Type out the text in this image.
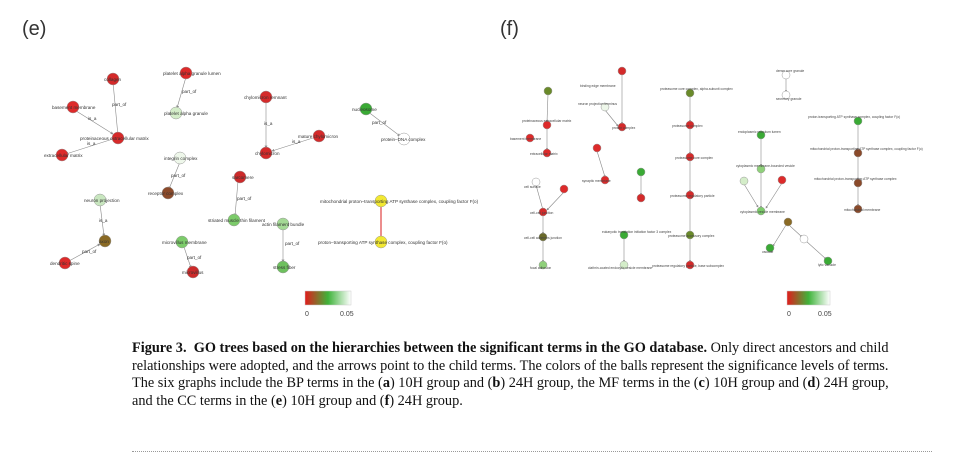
(e)	(f)
part_of
is_a
is_a
part_of
is_a
is_a
part_of
part_of
part_of
is_a
part_of
part_of
part_of
collagen
basement membrane
proteinaceous extracellular matrix
extracellular matrix
platelet alpha granule lumen
platelet alpha granule
chylomicron remnant
mature chylomicron
chylomicron
nucleosome
protein–DNA complex
integrin complex
receptor complex
sarcomere
striated muscle thin filament
mitochondrial proton–transporting ATP synthase complex, coupling factor F(o)
proton–transporting ATP synthase complex, coupling factor F(o)
neuron projection
axon
dendritic spine
microvillus membrane
microvillus
actin filament bundle
stress fiber
0	0.05
binding edge membrane
neuron projection terminus
proteinaceous extracellular matrix
basement membrane
extracellular matrix
protein complex
synaptic membrane
proteasome core complex, alpha-subunit complex
proteasome complex
proteasome core complex
proteasome regulatory particle
proteasome accessory complex
proteasome regulatory particle, base subcomplex
eukaryotic translation initiation factor 3 complex
clathrin-coated endocytic vesicle membrane
cell surface
cell-cell junction
cell-cell adherens junction
focal adhesion
dense core granule
secretory granule
endoplasmic reticulum lumen
cytoplasmic membrane-bounded vesicle
cytoplasmic vesicle membrane
proton-transporting ATP synthase complex, coupling factor F(o)
mitochondrial proton-transporting ATP synthase complex, coupling factor F(o)
mitochondrial proton-transporting ATP synthase complex
mitochondrial membrane
vacuole
lytic vacuole
0	0.05
Figure 3. GO trees based on the hierarchies between the significant terms in the GO database. Only direct ancestors and child relationships were adopted, and the arrows point to the child terms. The colors of the balls represent the significance levels of terms. The six graphs include the BP terms in the (a) 10H group and (b) 24H group, the MF terms in the (c) 10H group and (d) 24H group, and the CC terms in the (e) 10H group and (f) 24H group.
